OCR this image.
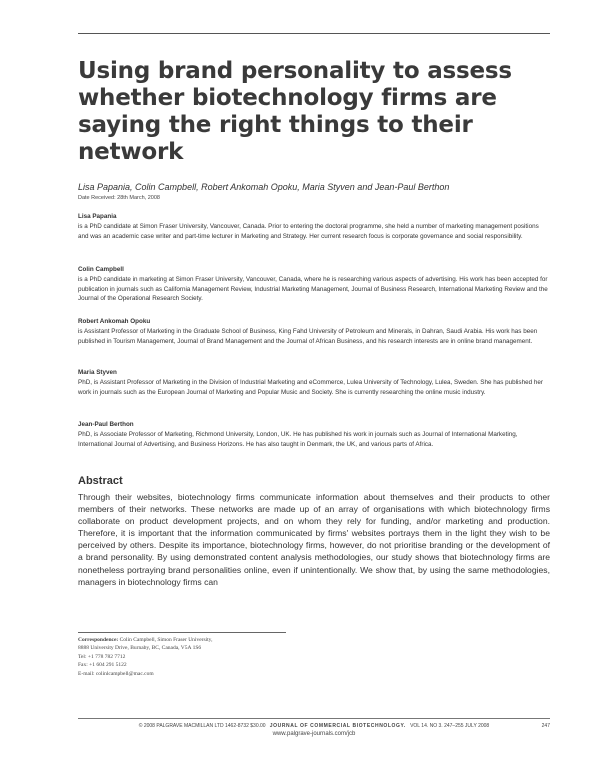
Using brand personality to assess whether biotechnology firms are saying the right things to their network
Lisa Papania, Colin Campbell, Robert Ankomah Opoku, Maria Styven and Jean-Paul Berthon
Date Received: 28th March, 2008
Lisa Papania
is a PhD candidate at Simon Fraser University, Vancouver, Canada. Prior to entering the doctoral programme, she held a number of marketing management positions and was an academic case writer and part-time lecturer in Marketing and Strategy. Her current research focus is corporate governance and social responsibility.
Colin Campbell
is a PhD candidate in marketing at Simon Fraser University, Vancouver, Canada, where he is researching various aspects of advertising. His work has been accepted for publication in journals such as California Management Review, Industrial Marketing Management, Journal of Business Research, International Marketing Review and the Journal of the Operational Research Society.
Robert Ankomah Opoku
is Assistant Professor of Marketing in the Graduate School of Business, King Fahd University of Petroleum and Minerals, in Dahran, Saudi Arabia. His work has been published in Tourism Management, Journal of Brand Management and the Journal of African Business, and his research interests are in online brand management.
Maria Styven
PhD, is Assistant Professor of Marketing in the Division of Industrial Marketing and eCommerce, Lulea University of Technology, Lulea, Sweden. She has published her work in journals such as the European Journal of Marketing and Popular Music and Society. She is currently researching the online music industry.
Jean-Paul Berthon
PhD, is Associate Professor of Marketing, Richmond University, London, UK. He has published his work in journals such as Journal of International Marketing, International Journal of Advertising, and Business Horizons. He has also taught in Denmark, the UK, and various parts of Africa.
Abstract

Through their websites, biotechnology firms communicate information about themselves and their products to other members of their networks. These networks are made up of an array of organisations with which biotechnology firms collaborate on product development projects, and on whom they rely for funding, and/or marketing and production. Therefore, it is important that the information communicated by firms' websites portrays them in the light they wish to be perceived by others. Despite its importance, biotechnology firms, however, do not prioritise branding or the development of a brand personality. By using demonstrated content analysis methodologies, our study shows that biotechnology firms are nonetheless portraying brand personalities online, even if unintentionally. We show that, by using the same methodologies, managers in biotechnology firms can

Correspondence: Colin Campbell, Simon Fraser University,
8888 University Drive, Burnaby, BC, Canada, V5A 1S6
Tel: +1 778 782 7712
Fax: +1 604 291 5122
E-mail: colinlcampbell@mac.com
© 2008 PALGRAVE MACMILLAN LTD 1462-8732 $30.00 JOURNAL OF COMMERCIAL BIOTECHNOLOGY. VOL 14. NO 3. 247–255 JULY 2008	247
www.palgrave-journals.com/jcb
